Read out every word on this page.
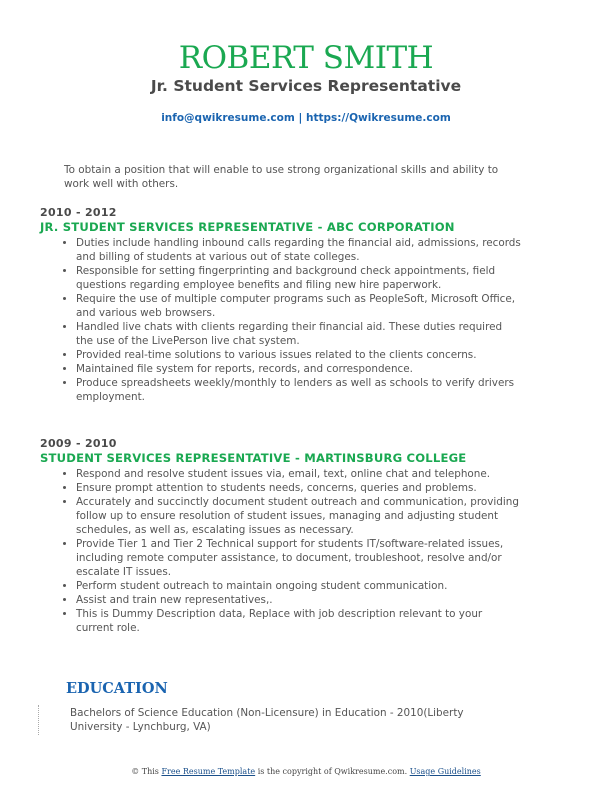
ROBERT SMITH
Jr. Student Services Representative
info@qwikresume.com | https://Qwikresume.com
To obtain a position that will enable to use strong organizational skills and ability to work well with others.
2010 - 2012
JR. STUDENT SERVICES REPRESENTATIVE - ABC CORPORATION
• Duties include handling inbound calls regarding the financial aid, admissions, records and billing of students at various out of state colleges.
• Responsible for setting fingerprinting and background check appointments, field questions regarding employee benefits and filing new hire paperwork.
• Require the use of multiple computer programs such as PeopleSoft, Microsoft Office, and various web browsers.
• Handled live chats with clients regarding their financial aid. These duties required the use of the LivePerson live chat system.
• Provided real-time solutions to various issues related to the clients concerns.
• Maintained file system for reports, records, and correspondence.
• Produce spreadsheets weekly/monthly to lenders as well as schools to verify drivers employment.
2009 - 2010
STUDENT SERVICES REPRESENTATIVE - MARTINSBURG COLLEGE
• Respond and resolve student issues via, email, text, online chat and telephone.
• Ensure prompt attention to students needs, concerns, queries and problems.
• Accurately and succinctly document student outreach and communication, providing follow up to ensure resolution of student issues, managing and adjusting student schedules, as well as, escalating issues as necessary.
• Provide Tier 1 and Tier 2 Technical support for students IT/software-related issues, including remote computer assistance, to document, troubleshoot, resolve and/or escalate IT issues.
• Perform student outreach to maintain ongoing student communication.
• Assist and train new representatives,.
• This is Dummy Description data, Replace with job description relevant to your current role.
EDUCATION
Bachelors of Science Education (Non-Licensure) in Education - 2010(Liberty University - Lynchburg, VA)
© This Free Resume Template is the copyright of Qwikresume.com. Usage Guidelines
